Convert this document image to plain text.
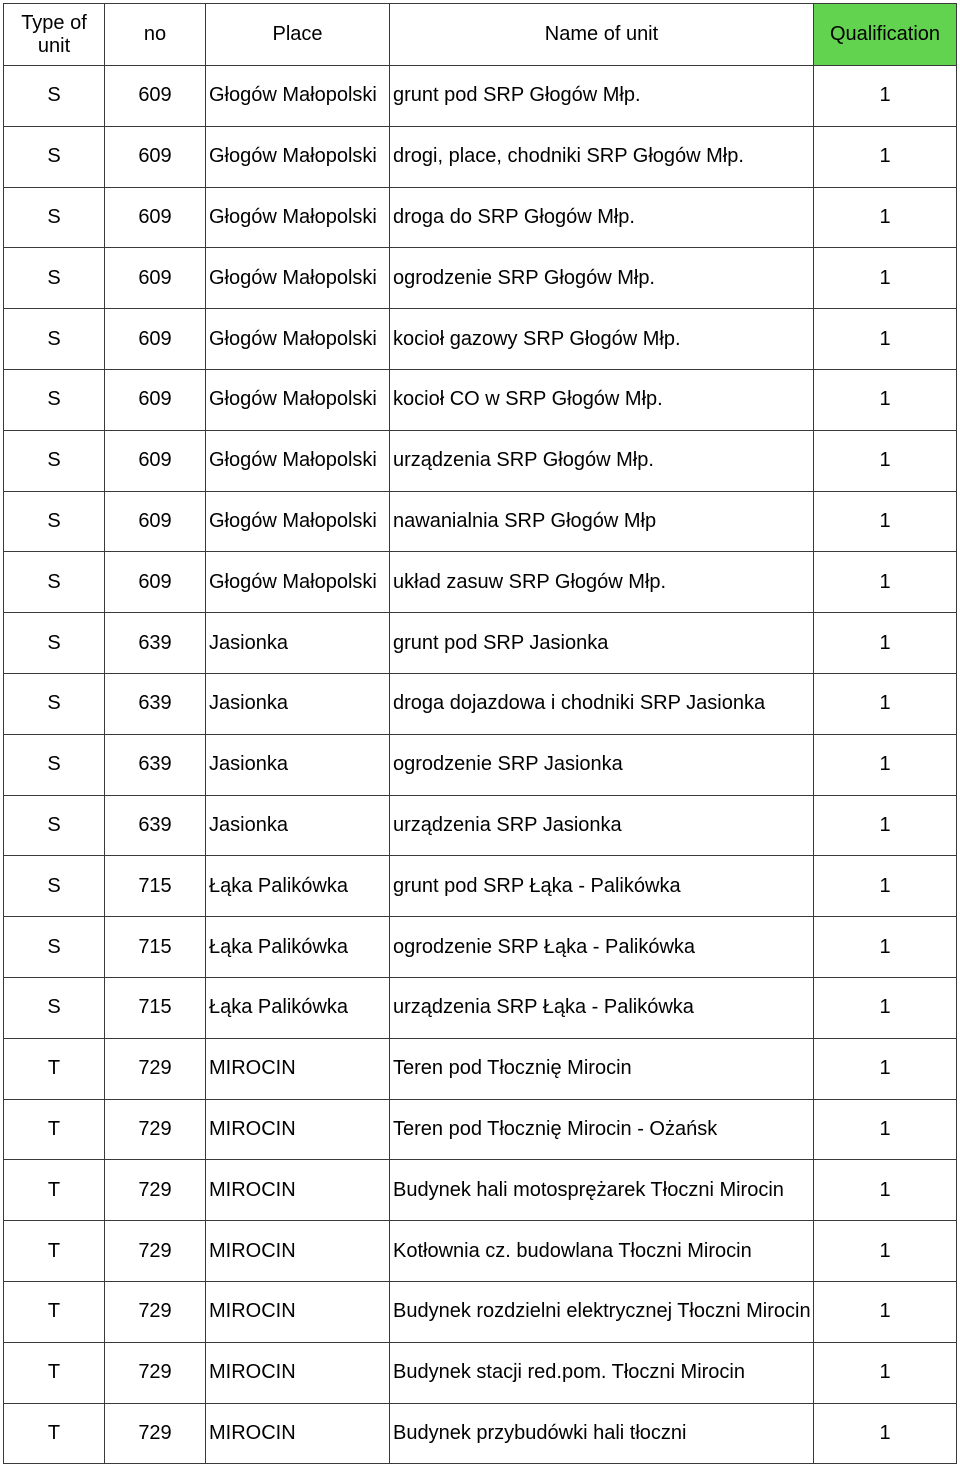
Type of unit	no	Place	Name of unit	Qualification
S	609	Głogów Małopolski	grunt pod SRP Głogów Młp.	1
S	609	Głogów Małopolski	drogi, place, chodniki SRP Głogów Młp.	1
S	609	Głogów Małopolski	droga do SRP Głogów Młp.	1
S	609	Głogów Małopolski	ogrodzenie SRP Głogów Młp.	1
S	609	Głogów Małopolski	kocioł gazowy SRP Głogów Młp.	1
S	609	Głogów Małopolski	kocioł CO w SRP Głogów Młp.	1
S	609	Głogów Małopolski	urządzenia SRP Głogów Młp.	1
S	609	Głogów Małopolski	nawanialnia SRP Głogów Młp	1
S	609	Głogów Małopolski	układ zasuw SRP Głogów Młp.	1
S	639	Jasionka	grunt pod SRP Jasionka	1
S	639	Jasionka	droga dojazdowa i chodniki SRP Jasionka	1
S	639	Jasionka	ogrodzenie SRP Jasionka	1
S	639	Jasionka	urządzenia SRP Jasionka	1
S	715	Łąka Palikówka	grunt pod SRP Łąka - Palikówka	1
S	715	Łąka Palikówka	ogrodzenie SRP Łąka - Palikówka	1
S	715	Łąka Palikówka	urządzenia SRP Łąka - Palikówka	1
T	729	MIROCIN	Teren pod Tłocznię Mirocin	1
T	729	MIROCIN	Teren pod Tłocznię Mirocin - Ożańsk	1
T	729	MIROCIN	Budynek hali motosprężarek Tłoczni Mirocin	1
T	729	MIROCIN	Kotłownia cz. budowlana Tłoczni Mirocin	1
T	729	MIROCIN	Budynek rozdzielni elektrycznej Tłoczni Mirocin	1
T	729	MIROCIN	Budynek stacji red.pom. Tłoczni Mirocin	1
T	729	MIROCIN	Budynek przybudówki hali tłoczni	1
